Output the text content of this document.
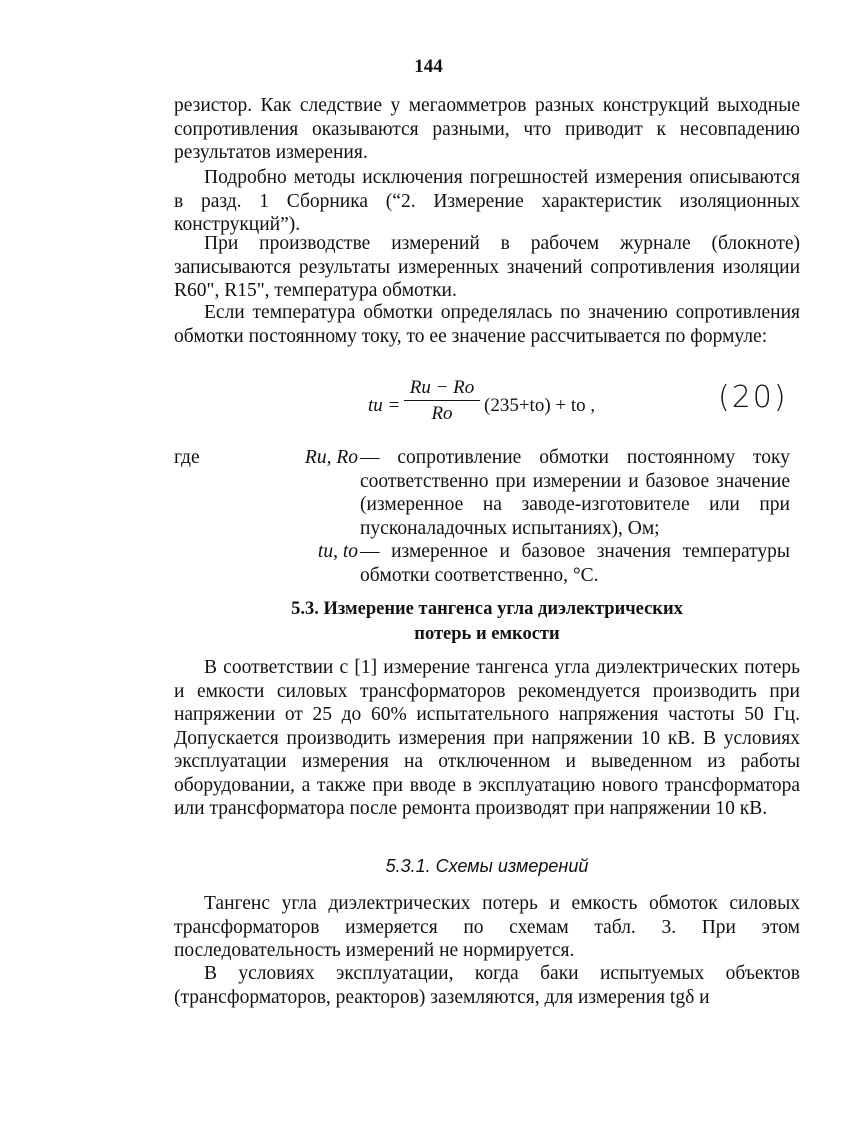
144

резистор. Как следствие у мегаомметров разных конструкций выходные сопротивления оказываются разными, что приводит к несовпадению результатов измерения.

Подробно методы исключения погрешностей измерения описываются в разд. 1 Сборника (“2. Измерение характеристик изоляционных конструкций”).

При производстве измерений в рабочем журнале (блокноте) записываются результаты измеренных значений сопротивления изоляции R60", R15", температура обмотки.

Если температура обмотки определялась по значению сопротивления обмотки постоянному току, то ее значение рассчитывается по формуле:

tи =
Rи − Rо
Rо	(235+tо) + tо ,	(20)
где	Rи, Rо — сопротивление обмотки постоянному току соответственно при измерении и базовое значение (измеренное на заводе-изготовителе или при пусконаладочных испытаниях), Ом;
tи, tо — измеренное и базовое значения температуры обмотки соответственно, °С.
5.3. Измерение тангенса угла диэлектрических
потерь и емкости

В соответствии с [1] измерение тангенса угла диэлектрических потерь и емкости силовых трансформаторов рекомендуется производить при напряжении от 25 до 60% испытательного напряжения частоты 50 Гц. Допускается производить измерения при напряжении 10 кВ. В условиях эксплуатации измерения на отключенном и выведенном из работы оборудовании, а также при вводе в эксплуатацию нового трансформатора или трансформатора после ремонта производят при напряжении 10 кВ.

5.3.1. Схемы измерений

Тангенс угла диэлектрических потерь и емкость обмоток силовых трансформаторов измеряется по схемам табл. 3. При этом последовательность измерений не нормируется.

В условиях эксплуатации, когда баки испытуемых объектов (трансформаторов, реакторов) заземляются, для измерения tgδ и
